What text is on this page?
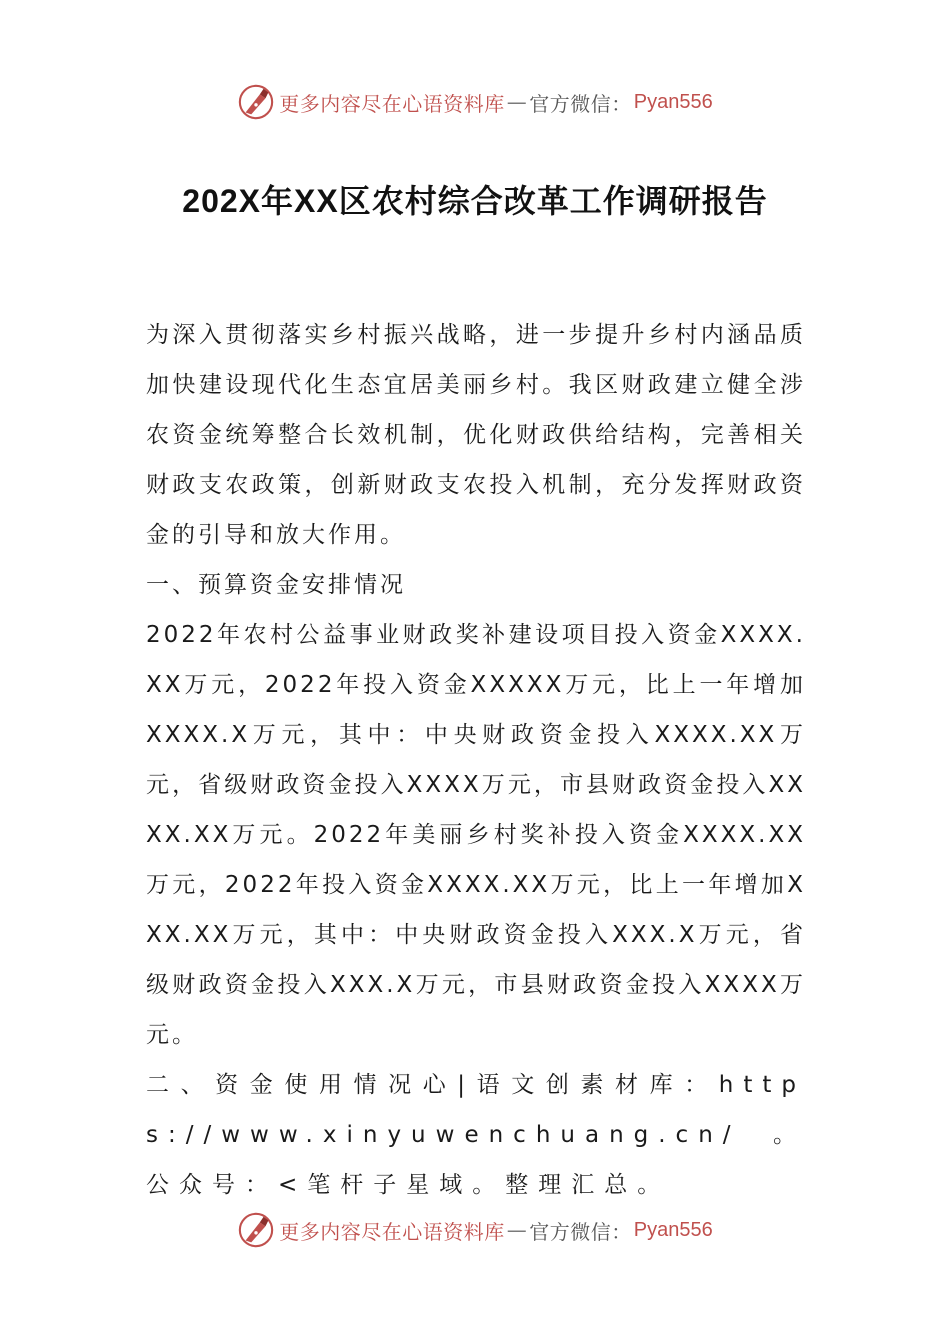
更多内容尽在心语资料库 — 官方微信： Pyan556
202X年XX区农村综合改革工作调研报告

为深入贯彻落实乡村振兴战略，进一步提升乡村内涵品质加快建设现代化生态宜居美丽乡村。我区财政建立健全涉农资金统筹整合长效机制，优化财政供给结构，完善相关财政支农政策，创新财政支农投入机制，充分发挥财政资金的引导和放大作用。

一、预算资金安排情况

2022年农村公益事业财政奖补建设项目投入资金XXXX.XX万元，2022年投入资金XXXXX万元，比上一年增加XXXX.X万元，其中：中央财政资金投入XXXX.XX万元，省级财政资金投入XXXX万元，市县财政资金投入XXXX.XX万元。2022年美丽乡村奖补投入资金XXXX.XX万元，2022年投入资金XXXX.XX万元，比上一年增加XXX.XX万元，其中：中央财政资金投入XXX.X万元，省级财政资金投入XXX.X万元，市县财政资金投入XXXX万元。

二、资金使用情况心|语文创素材库：https://www.xinyuwenchuang.cn/。公众号：<笔杆子星域。整理汇总。

更多内容尽在心语资料库 — 官方微信： Pyan556
